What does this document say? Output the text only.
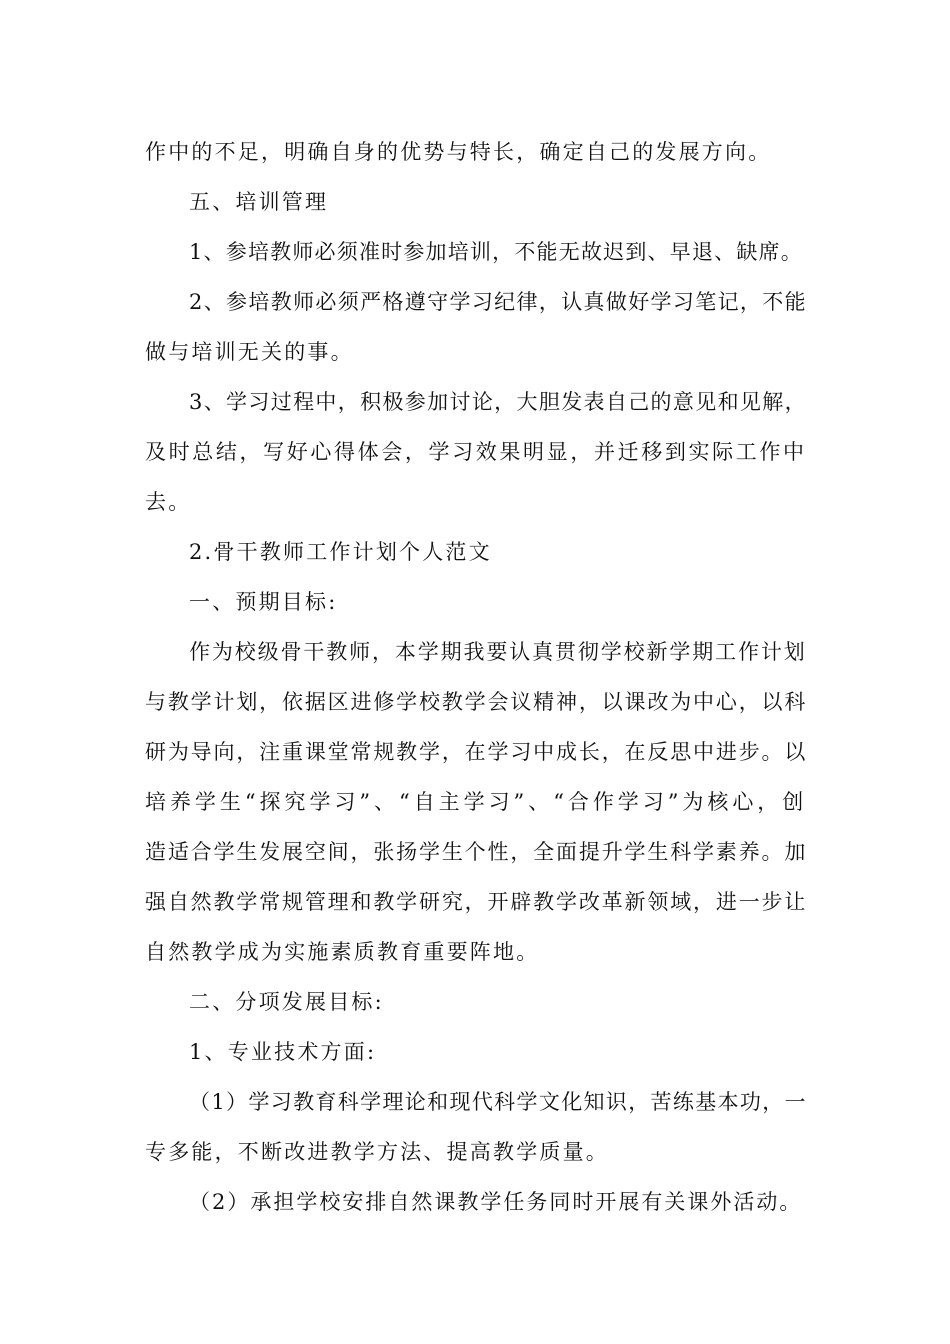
作中的不足，明确自身的优势与特长，确定自己的发展方向。
五、培训管理
1、参培教师必须准时参加培训，不能无故迟到、早退、缺席。
2、参培教师必须严格遵守学习纪律，认真做好学习笔记，不能
做与培训无关的事。
3、学习过程中，积极参加讨论，大胆发表自己的意见和见解，
及时总结，写好心得体会，学习效果明显，并迁移到实际工作中
去。
2.骨干教师工作计划个人范文
一、预期目标:
作为校级骨干教师，本学期我要认真贯彻学校新学期工作计划
与教学计划，依据区进修学校教学会议精神，以课改为中心，以科
研为导向，注重课堂常规教学，在学习中成长，在反思中进步。以
培养学生“探究学习”、“自主学习”、“合作学习”为核心，创
造适合学生发展空间，张扬学生个性，全面提升学生科学素养。加
强自然教学常规管理和教学研究，开辟教学改革新领域，进一步让
自然教学成为实施素质教育重要阵地。
二、分项发展目标:
1、专业技术方面:
（1）学习教育科学理论和现代科学文化知识，苦练基本功，一
专多能，不断改进教学方法、提高教学质量。
（2）承担学校安排自然课教学任务同时开展有关课外活动。
